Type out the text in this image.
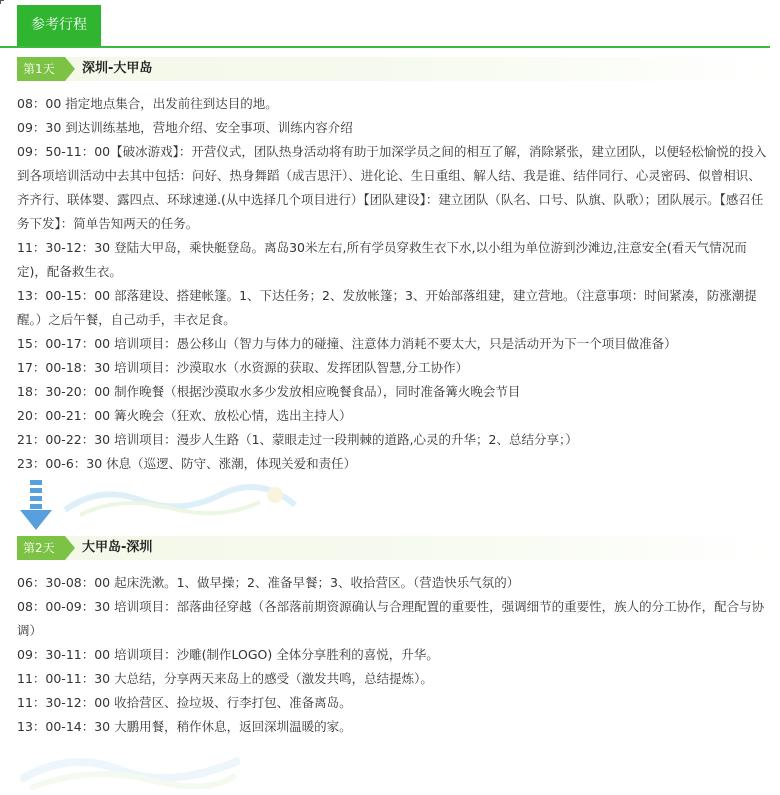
参考行程
第1天	深圳-大甲岛

08：00 指定地点集合，出发前往到达目的地。

09：30 到达训练基地，营地介绍、安全事项、训练内容介绍

09：50-11：00【破冰游戏】：开营仪式，团队热身活动将有助于加深学员之间的相互了解，消除紧张，建立团队，以便轻松愉悦的投入到各项培训活动中去其中包括：问好、热身舞蹈（成吉思汗）、进化论、生日重组、解人结、我是谁、结伴同行、心灵密码、似曾相识、齐齐行、联体婴、露四点、环球速递.(从中选择几个项目进行）【团队建设】：建立团队（队名、口号、队旗、队歌）；团队展示。【感召任务下发】：简单告知两天的任务。

11：30-12：30 登陆大甲岛，乘快艇登岛。离岛30米左右,所有学员穿救生衣下水,以小组为单位游到沙滩边,注意安全(看天气情况而定)，配备救生衣。

13：00-15：00 部落建设、搭建帐篷。1、下达任务；2、发放帐篷；3、开始部落组建，建立营地。（注意事项：时间紧凑，防涨潮提醒。）之后午餐，自己动手，丰衣足食。

15：00-17：00 培训项目：愚公移山（智力与体力的碰撞、注意体力消耗不要太大，只是活动开为下一个项目做准备）

17：00-18：30 培训项目：沙漠取水（水资源的获取、发挥团队智慧,分工协作）

18：30-20：00 制作晚餐（根据沙漠取水多少发放相应晚餐食品），同时准备篝火晚会节目

20：00-21：00 篝火晚会（狂欢、放松心情，选出主持人）

21：00-22：30 培训项目：漫步人生路（1、蒙眼走过一段荆棘的道路,心灵的升华；2、总结分享；）

23：00-6：30 休息（巡逻、防守、涨潮，体现关爱和责任）

第2天	大甲岛-深圳

06：30-08：00 起床洗漱。1、做早操；2、准备早餐；3、收拾营区。（营造快乐气氛的）

08：00-09：30 培训项目：部落曲径穿越（各部落前期资源确认与合理配置的重要性，强调细节的重要性，族人的分工协作，配合与协调）

09：30-11：00 培训项目：沙雕(制作LOGO) 全体分享胜利的喜悦，升华。

11：00-11：30 大总结，分享两天来岛上的感受（激发共鸣，总结提炼）。

11：30-12：00 收拾营区、捡垃圾、行李打包、准备离岛。

13：00-14：30 大鹏用餐，稍作休息，返回深圳温暖的家。
